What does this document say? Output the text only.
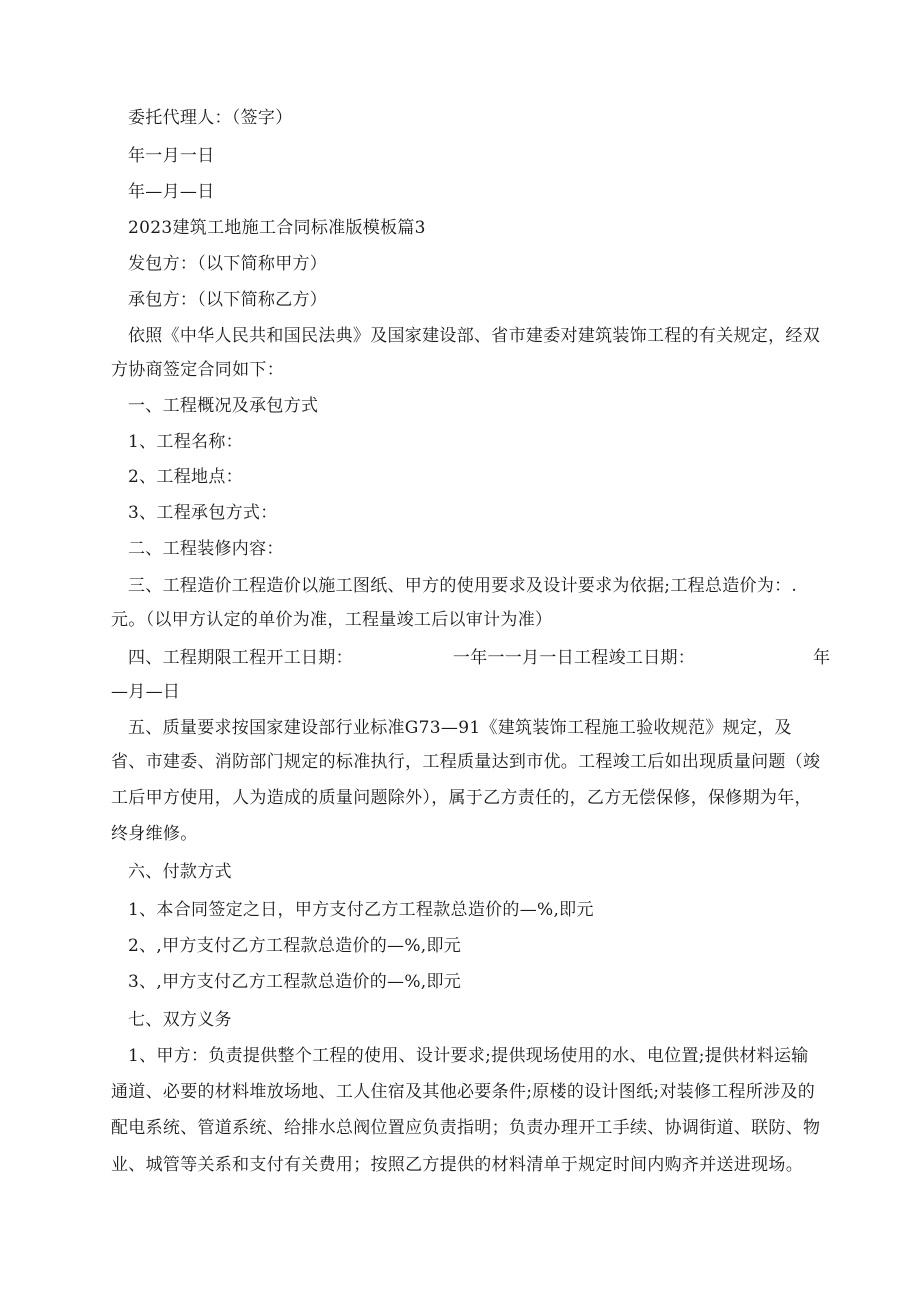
委托代理人：（签字）
年一月一日
年—月—日
2023建筑工地施工合同标准版模板篇3
发包方：（以下简称甲方）
承包方：（以下简称乙方）
依照《中华人民共和国民法典》及国家建设部、省市建委对建筑装饰工程的有关规定，经双
方协商签定合同如下：
一、工程概况及承包方式
1、工程名称：
2、工程地点：
3、工程承包方式：
二、工程装修内容：
三、工程造价工程造价以施工图纸、甲方的使用要求及设计要求为依据;工程总造价为：.
元。（以甲方认定的单价为准，工程量竣工后以审计为准）
四、工程期限工程开工日期：	一年一一月一日工程竣工日期：	年
—月—日
五、质量要求按国家建设部行业标准G73—91《建筑装饰工程施工验收规范》规定，及
省、市建委、消防部门规定的标准执行，工程质量达到市优。工程竣工后如出现质量问题（竣
工后甲方使用，人为造成的质量问题除外），属于乙方责任的，乙方无偿保修，保修期为年，
终身维修。
六、付款方式
1、本合同签定之日，甲方支付乙方工程款总造价的—%,即元
2、,甲方支付乙方工程款总造价的—%,即元
3、,甲方支付乙方工程款总造价的—%,即元
七、双方义务
1、甲方：负责提供整个工程的使用、设计要求;提供现场使用的水、电位置;提供材料运输
通道、必要的材料堆放场地、工人住宿及其他必要条件;原楼的设计图纸;对装修工程所涉及的
配电系统、管道系统、给排水总阀位置应负责指明；负责办理开工手续、协调街道、联防、物
业、城管等关系和支付有关费用；按照乙方提供的材料清单于规定时间内购齐并送进现场。
